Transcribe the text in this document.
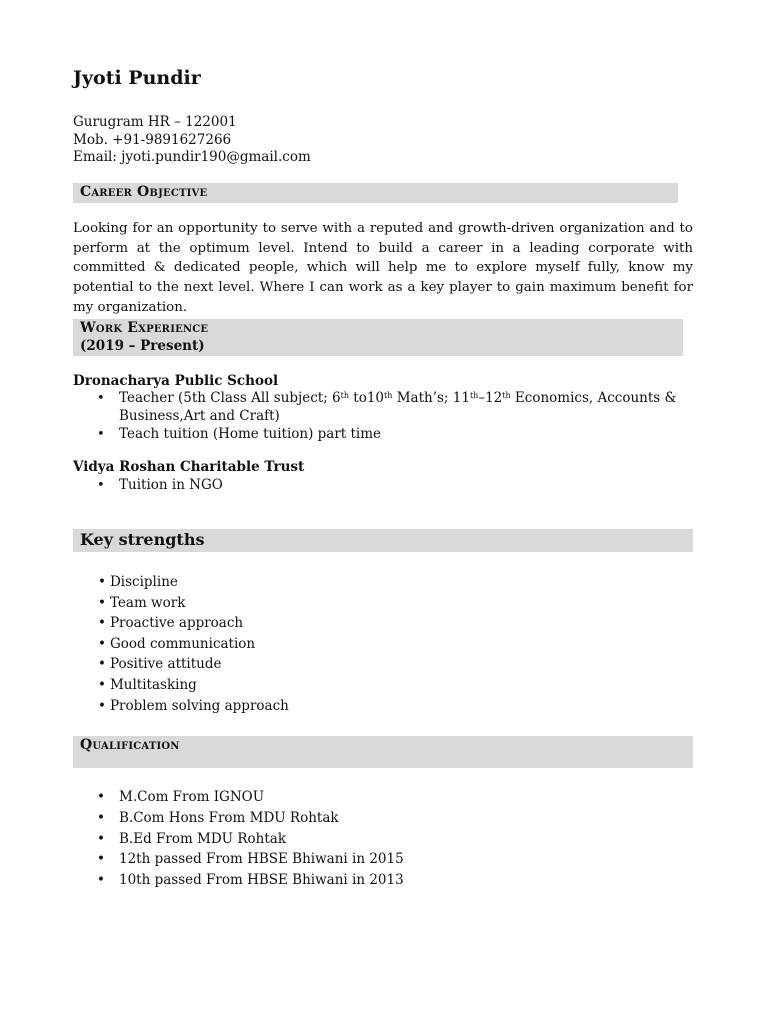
Jyoti Pundir
Gurugram HR – 122001
Mob. +91-9891627266
Email: jyoti.pundir190@gmail.com
Career Objective

Looking for an opportunity to serve with a reputed and growth-driven organization and to perform at the optimum level. Intend to build a career in a leading corporate with committed & dedicated people, which will help me to explore myself fully, know my potential to the next level. Where I can work as a key player to gain maximum benefit for my organization.

Work Experience
(2019 – Present)
Dronacharya Public School
• Teacher (5th Class All subject; 6th to10th Math’s; 11th–12th Economics, Accounts & Business,Art and Craft)
• Teach tuition (Home tuition) part time
Vidya Roshan Charitable Trust
• Tuition in NGO
Key strengths
• Discipline
• Team work
• Proactive approach
• Good communication
• Positive attitude
• Multitasking
• Problem solving approach
Qualification
• M.Com From IGNOU
• B.Com Hons From MDU Rohtak
• B.Ed From MDU Rohtak
• 12th passed From HBSE Bhiwani in 2015
• 10th passed From HBSE Bhiwani in 2013
